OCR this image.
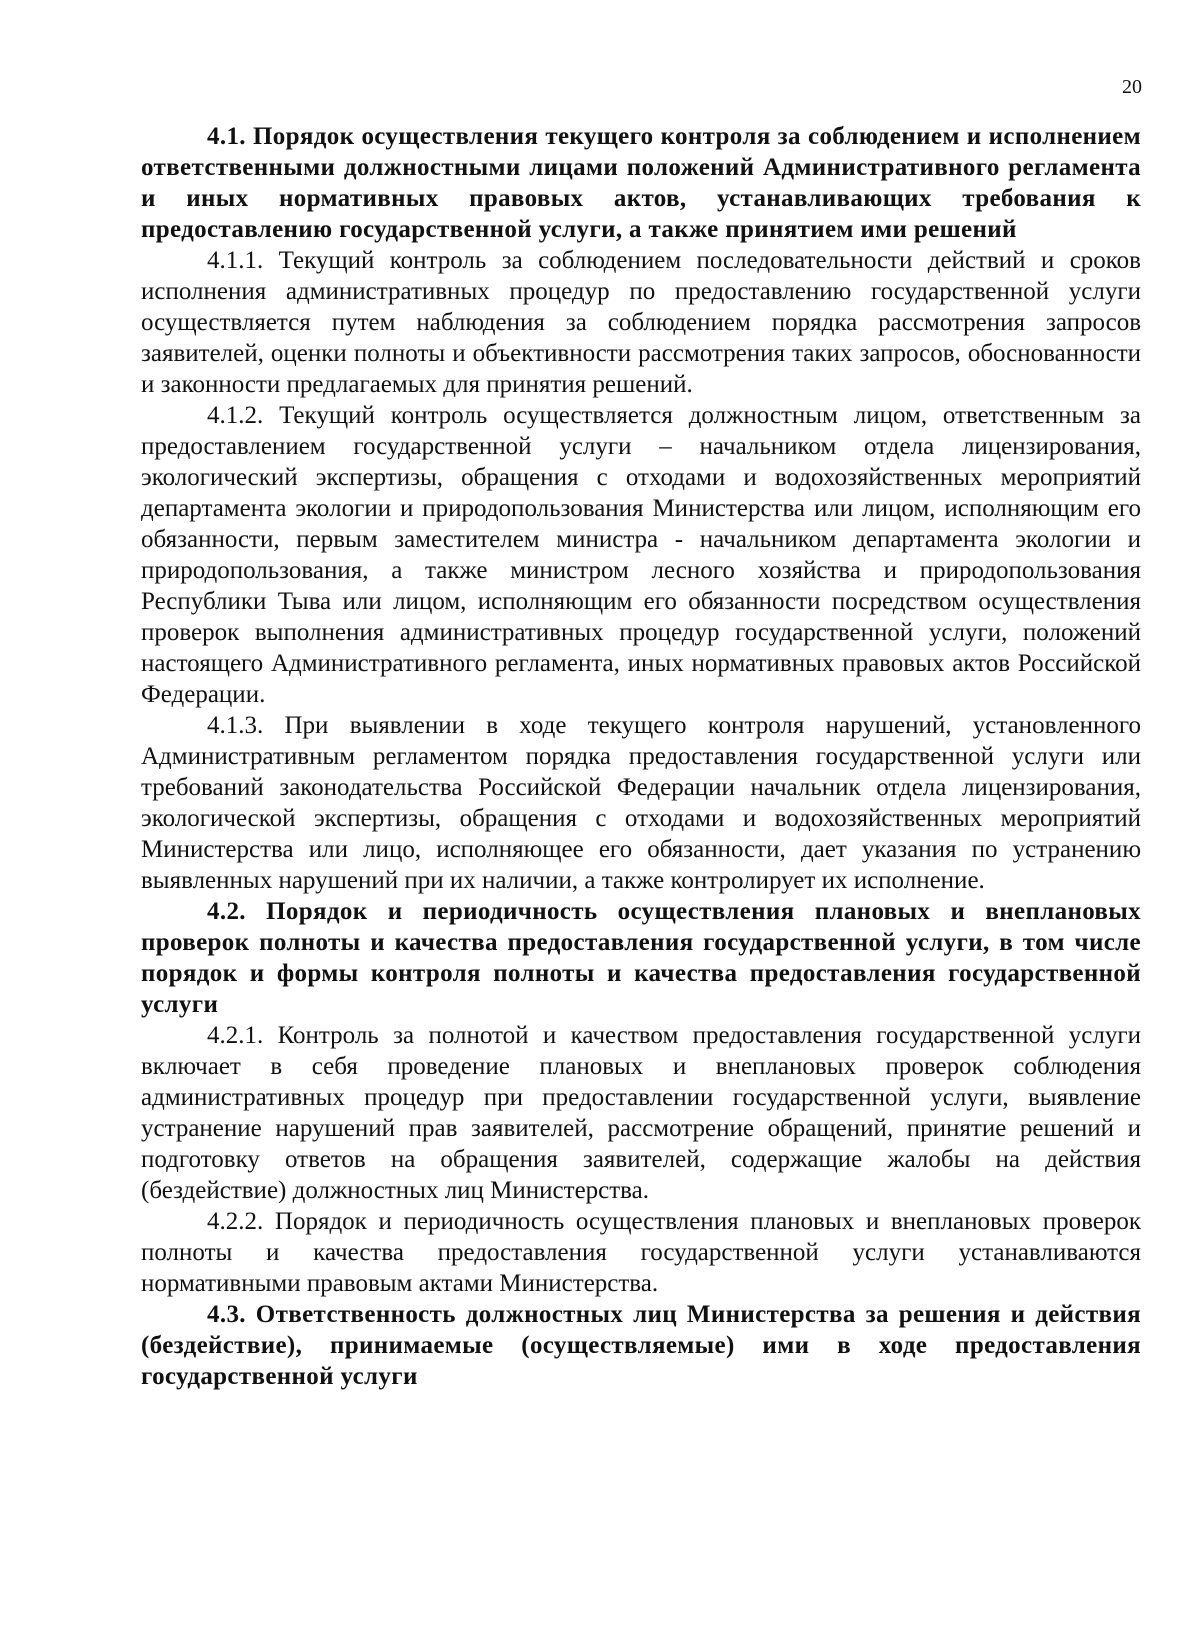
20

4.1. Порядок осуществления текущего контроля за соблюдением и исполнением ответственными должностными лицами положений Административного регламента и иных нормативных правовых актов, устанавливающих требования к предоставлению государственной услуги, а также принятием ими решений

4.1.1. Текущий контроль за соблюдением последовательности действий и сроков исполнения административных процедур по предоставлению государственной услуги осуществляется путем наблюдения за соблюдением порядка рассмотрения запросов заявителей, оценки полноты и объективности рассмотрения таких запросов, обоснованности и законности предлагаемых для принятия решений.

4.1.2. Текущий контроль осуществляется должностным лицом, ответственным за предоставлением государственной услуги – начальником отдела лицензирования, экологический экспертизы, обращения с отходами и водохозяйственных мероприятий департамента экологии и природопользования Министерства или лицом, исполняющим его обязанности, первым заместителем министра - начальником департамента экологии и природопользования, а также министром лесного хозяйства и природопользования Республики Тыва или лицом, исполняющим его обязанности посредством осуществления проверок выполнения административных процедур государственной услуги, положений настоящего Административного регламента, иных нормативных правовых актов Российской Федерации.

4.1.3. При выявлении в ходе текущего контроля нарушений, установленного Административным регламентом порядка предоставления государственной услуги или требований законодательства Российской Федерации начальник отдела лицензирования, экологической экспертизы, обращения с отходами и водохозяйственных мероприятий Министерства или лицо, исполняющее его обязанности, дает указания по устранению выявленных нарушений при их наличии, а также контролирует их исполнение.

4.2. Порядок и периодичность осуществления плановых и внеплановых проверок полноты и качества предоставления государственной услуги, в том числе порядок и формы контроля полноты и качества предоставления государственной услуги

4.2.1. Контроль за полнотой и качеством предоставления государственной услуги включает в себя проведение плановых и внеплановых проверок соблюдения административных процедур при предоставлении государственной услуги, выявление устранение нарушений прав заявителей, рассмотрение обращений, принятие решений и подготовку ответов на обращения заявителей, содержащие жалобы на действия (бездействие) должностных лиц Министерства.

4.2.2. Порядок и периодичность осуществления плановых и внеплановых проверок полноты и качества предоставления государственной услуги устанавливаются нормативными правовым актами Министерства.

4.3. Ответственность должностных лиц Министерства за решения и действия (бездействие), принимаемые (осуществляемые) ими в ходе предоставления государственной услуги
